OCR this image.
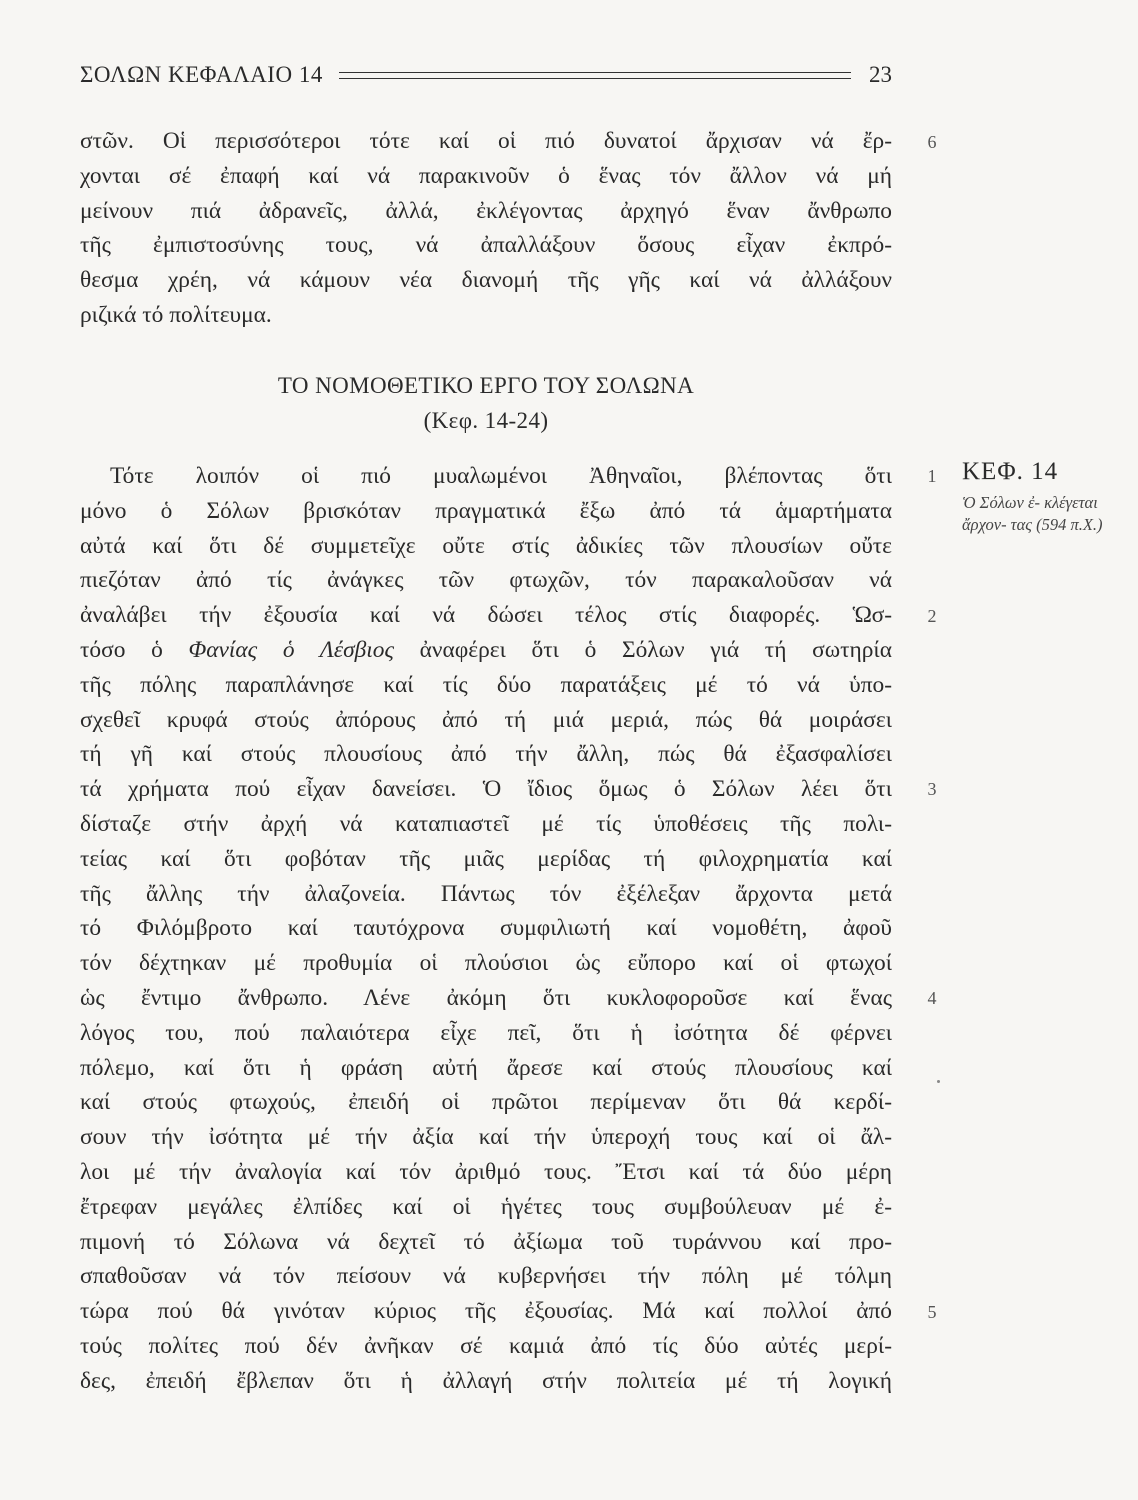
ΣΟΛΩΝ ΚΕΦΑΛΑΙΟ 14	23
στῶν. Οἱ περισσότεροι τότε καί οἱ πιό δυνατοί ἄρχισαν νά ἔρ-
χονται σέ ἐπαφή καί νά παρακινοῦν ὁ ἕνας τόν ἄλλον νά μή
μείνουν πιά ἀδρανεῖς, ἀλλά, ἐκλέγοντας ἀρχηγό ἕναν ἄνθρωπο
τῆς ἐμπιστοσύνης τους, νά ἀπαλλάξουν ὅσους εἶχαν ἐκπρό-
θεσμα χρέη, νά κάμουν νέα διανομή τῆς γῆς καί νά ἀλλάξουν
ριζικά τό πολίτευμα.
ΤΟ ΝΟΜΟΘΕΤΙΚΟ ΕΡΓΟ ΤΟΥ ΣΟΛΩΝΑ
(Κεφ. 14-24)
Τότε λοιπόν οἱ πιό μυαλωμένοι Ἀθηναῖοι, βλέποντας ὅτι
μόνο ὁ Σόλων βρισκόταν πραγματικά ἔξω ἀπό τά ἁμαρτήματα
αὐτά καί ὅτι δέ συμμετεῖχε οὔτε στίς ἀδικίες τῶν πλουσίων οὔτε
πιεζόταν ἀπό τίς ἀνάγκες τῶν φτωχῶν, τόν παρακαλοῦσαν νά
ἀναλάβει τήν ἐξουσία καί νά δώσει τέλος στίς διαφορές. Ὡσ-
τόσο ὁ Φανίας ὁ Λέσβιος ἀναφέρει ὅτι ὁ Σόλων γιά τή σωτηρία
τῆς πόλης παραπλάνησε καί τίς δύο παρατάξεις μέ τό νά ὑπο-
σχεθεῖ κρυφά στούς ἀπόρους ἀπό τή μιά μεριά, πώς θά μοιράσει
τή γῆ καί στούς πλουσίους ἀπό τήν ἄλλη, πώς θά ἐξασφαλίσει
τά χρήματα πού εἶχαν δανείσει. Ὁ ἴδιος ὅμως ὁ Σόλων λέει ὅτι
δίσταζε στήν ἀρχή νά καταπιαστεῖ μέ τίς ὑποθέσεις τῆς πολι-
τείας καί ὅτι φοβόταν τῆς μιᾶς μερίδας τή φιλοχρηματία καί
τῆς ἄλλης τήν ἀλαζονεία. Πάντως τόν ἐξέλεξαν ἄρχοντα μετά
τό Φιλόμβροτο καί ταυτόχρονα συμφιλιωτή καί νομοθέτη, ἀφοῦ
τόν δέχτηκαν μέ προθυμία οἱ πλούσιοι ὡς εὔπορο καί οἱ φτωχοί
ὡς ἔντιμο ἄνθρωπο. Λένε ἀκόμη ὅτι κυκλοφοροῦσε καί ἕνας
λόγος του, πού παλαιότερα εἶχε πεῖ, ὅτι ἡ ἰσότητα δέ φέρνει
πόλεμο, καί ὅτι ἡ φράση αὐτή ἄρεσε καί στούς πλουσίους καί
καί στούς φτωχούς, ἐπειδή οἱ πρῶτοι περίμεναν ὅτι θά κερδί-
σουν τήν ἰσότητα μέ τήν ἀξία καί τήν ὑπεροχή τους καί οἱ ἄλ-
λοι μέ τήν ἀναλογία καί τόν ἀριθμό τους. Ἔτσι καί τά δύο μέρη
ἔτρεφαν μεγάλες ἐλπίδες καί οἱ ἡγέτες τους συμβούλευαν μέ ἐ-
πιμονή τό Σόλωνα νά δεχτεῖ τό ἀξίωμα τοῦ τυράννου καί προ-
σπαθοῦσαν νά τόν πείσουν νά κυβερνήσει τήν πόλη μέ τόλμη
τώρα πού θά γινόταν κύριος τῆς ἐξουσίας. Μά καί πολλοί ἀπό
τούς πολίτες πού δέν ἀνῆκαν σέ καμιά ἀπό τίς δύο αὐτές μερί-
δες, ἐπειδή ἔβλεπαν ὅτι ἡ ἀλλαγή στήν πολιτεία μέ τή λογική
6
1
2
3
4
5
ΚΕΦ. 14
Ὁ Σόλων ἐ- κλέγεται ἄρχον- τας (594 π.Χ.)
